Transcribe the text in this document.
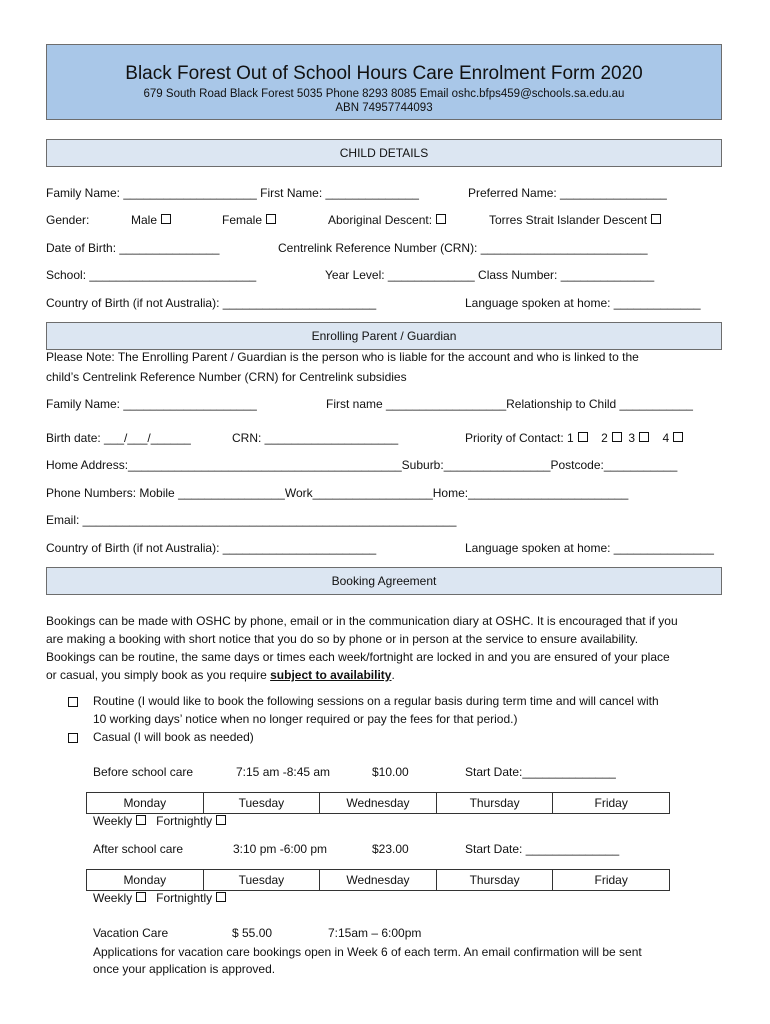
Black Forest Out of School Hours Care Enrolment Form 2020
679 South Road Black Forest 5035 Phone 8293 8085 Email oshc.bfps459@schools.sa.edu.au
ABN 74957744093
CHILD DETAILS
Family Name: ____________________ First Name: ______________	Preferred Name: ________________
Gender:	Male	Female	Aboriginal Descent:	Torres Strait Islander Descent
Date of Birth: _______________	Centrelink Reference Number (CRN): _________________________
School: _________________________	Year Level: _____________ Class Number: ______________
Country of Birth (if not Australia): _______________________	Language spoken at home: _____________
Enrolling Parent / Guardian
Please Note: The Enrolling Parent / Guardian is the person who is liable for the account and who is linked to the
child’s Centrelink Reference Number (CRN) for Centrelink subsidies
Family Name: ____________________	First name __________________Relationship to Child ___________
Birth date: ___/___/______	CRN: ____________________	Priority of Contact: 1 2 3 4
Home Address:_________________________________________Suburb:________________Postcode:___________
Phone Numbers: Mobile ________________Work__________________Home:________________________
Email: ________________________________________________________
Country of Birth (if not Australia): _______________________	Language spoken at home: _______________
Booking Agreement
Bookings can be made with OSHC by phone, email or in the communication diary at OSHC. It is encouraged that if you
are making a booking with short notice that you do so by phone or in person at the service to ensure availability.
Bookings can be routine, the same days or times each week/fortnight are locked in and you are ensured of your place
or casual, you simply book as you require subject to availability.
Routine (I would like to book the following sessions on a regular basis during term time and will cancel with
10 working days’ notice when no longer required or pay the fees for that period.)
Casual (I will book as needed)
Before school care	7:15 am -8:45 am	$10.00	Start Date:______________
Monday	Tuesday	Wednesday	Thursday	Friday
Weekly Fortnightly
After school care	3:10 pm -6:00 pm	$23.00	Start Date: ______________
Monday	Tuesday	Wednesday	Thursday	Friday
Weekly Fortnightly
Vacation Care	$ 55.00	7:15am – 6:00pm
Applications for vacation care bookings open in Week 6 of each term. An email confirmation will be sent
once your application is approved.
